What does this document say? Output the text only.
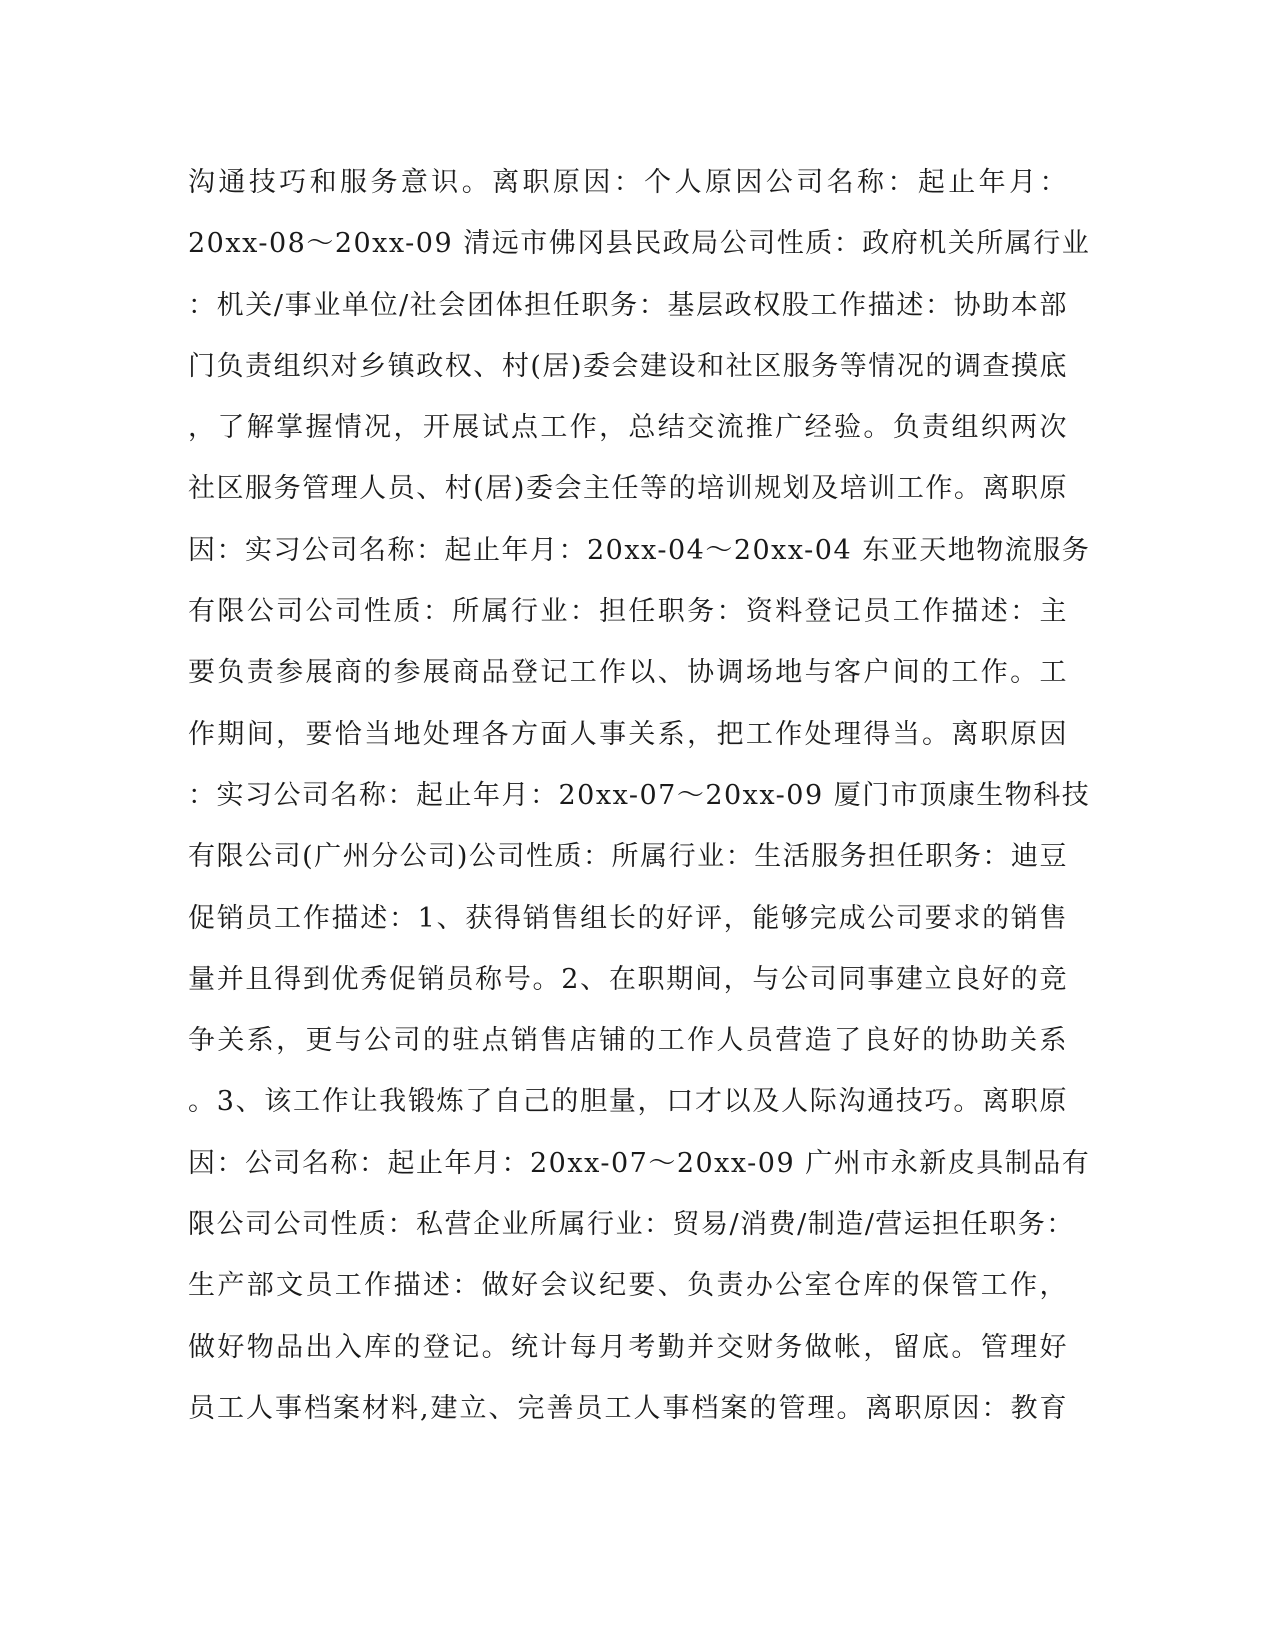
沟通技巧和服务意识。离职原因：个人原因公司名称：起止年月：
20xx-08～20xx-09 清远市佛冈县民政局公司性质：政府机关所属行业
：机关/事业单位/社会团体担任职务：基层政权股工作描述：协助本部
门负责组织对乡镇政权、村(居)委会建设和社区服务等情况的调查摸底
，了解掌握情况，开展试点工作，总结交流推广经验。负责组织两次
社区服务管理人员、村(居)委会主任等的培训规划及培训工作。离职原
因：实习公司名称：起止年月：20xx-04～20xx-04 东亚天地物流服务
有限公司公司性质：所属行业：担任职务：资料登记员工作描述：主
要负责参展商的参展商品登记工作以、协调场地与客户间的工作。工
作期间，要恰当地处理各方面人事关系，把工作处理得当。离职原因
：实习公司名称：起止年月：20xx-07～20xx-09 厦门市顶康生物科技
有限公司(广州分公司)公司性质：所属行业：生活服务担任职务：迪豆
促销员工作描述：1、获得销售组长的好评，能够完成公司要求的销售
量并且得到优秀促销员称号。2、在职期间，与公司同事建立良好的竞
争关系，更与公司的驻点销售店铺的工作人员营造了良好的协助关系
。3、该工作让我锻炼了自己的胆量，口才以及人际沟通技巧。离职原
因：公司名称：起止年月：20xx-07～20xx-09 广州市永新皮具制品有
限公司公司性质：私营企业所属行业：贸易/消费/制造/营运担任职务：
生产部文员工作描述：做好会议纪要、负责办公室仓库的保管工作，
做好物品出入库的登记。统计每月考勤并交财务做帐，留底。管理好
员工人事档案材料,建立、完善员工人事档案的管理。离职原因：教育
